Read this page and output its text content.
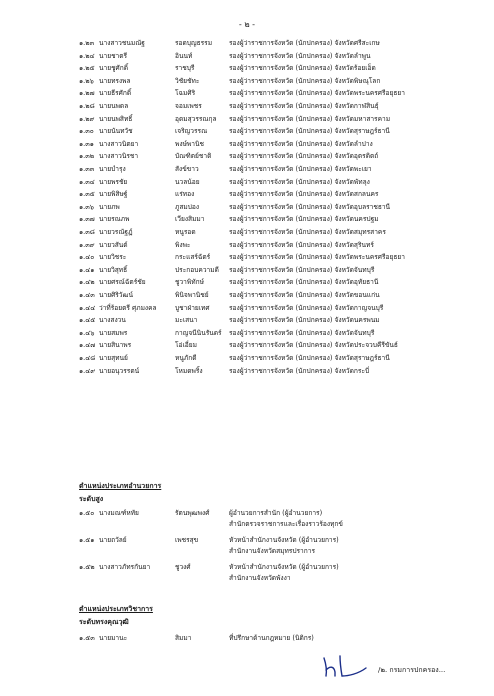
- ๒ -
๑.๒๓ นางสาวชนมณัฐ	รอดบุญธรรม	รองผู้ว่าราชการจังหวัด (นักปกครอง) จังหวัดศรีสะเกษ
๑.๒๔ นายชาตรี	อินนท์	รองผู้ว่าราชการจังหวัด (นักปกครอง) จังหวัดลำพูน
๑.๒๕ นายชูศักดิ์	ราชบุรี	รองผู้ว่าราชการจังหวัด (นักปกครอง) จังหวัดร้อยเอ็ด
๑.๒๖ นายทรงพล	วิชัยชัทะ	รองผู้ว่าราชการจังหวัด (นักปกครอง) จังหวัดพิษณุโลก
๑.๒๗ นายธีรศักดิ์	โฉมศิริ	รองผู้ว่าราชการจังหวัด (นักปกครอง) จังหวัดพระนครศรีอยุธยา
๑.๒๘ นายนพดล	จอมเพชร	รองผู้ว่าราชการจังหวัด (นักปกครอง) จังหวัดกาฬสินธุ์
๑.๒๙ นายนพสิทธิ์	อุดมสุวรรณกุล รองผู้ว่าราชการจังหวัด (นักปกครอง) จังหวัดมหาสารคาม
๑.๓๐ นายนันทวัช	เจริญวรรณ	รองผู้ว่าราชการจังหวัด (นักปกครอง) จังหวัดสุราษฎร์ธานี
๑.๓๑ นางสาวนิตยา	พงษ์พานิช	รองผู้ว่าราชการจังหวัด (นักปกครอง) จังหวัดลำปาง
๑.๓๒ นางสาวนิรชา	บัณฑิตย์ชาติ	รองผู้ว่าราชการจังหวัด (นักปกครอง) จังหวัดอุตรดิตถ์
๑.๓๓ นายบำรุง	สังข์ขาว	รองผู้ว่าราชการจังหวัด (นักปกครอง) จังหวัดพะเยา
๑.๓๔ นายพรชัย	นวลน้อย	รองผู้ว่าราชการจังหวัด (นักปกครอง) จังหวัดพัทลุง
๑.๓๕ นายพิสิษฐ์	แร่ทอง	รองผู้ว่าราชการจังหวัด (นักปกครอง) จังหวัดสกลนคร
๑.๓๖ นายภพ	ภูสมบ่อง	รองผู้ว่าราชการจังหวัด (นักปกครอง) จังหวัดอุบลราชธานี
๑.๓๗ นายรณภพ	เวียงสิมมา	รองผู้ว่าราชการจังหวัด (นักปกครอง) จังหวัดนครปฐม
๑.๓๘ นายวรณัฐฏ์	หนูรอด	รองผู้ว่าราชการจังหวัด (นักปกครอง) จังหวัดสมุทรสาคร
๑.๓๙ นายวสันต์	พิงพะ	รองผู้ว่าราชการจังหวัด (นักปกครอง) จังหวัดสุรินทร์
๑.๔๐ นายวิชระ	กระแสร์ฉัตร์	รองผู้ว่าราชการจังหวัด (นักปกครอง) จังหวัดพระนครศรีอยุธยา
๑.๔๑ นายวิสุทธิ์	ประกอบความดี รองผู้ว่าราชการจังหวัด (นักปกครอง) จังหวัดจันทบุรี
๑.๔๒ นายศรณ์ฉัตร์ชัย	ชูวาพิทักษ์	รองผู้ว่าราชการจังหวัด (นักปกครอง) จังหวัดอุทัยธานี
๑.๔๓ นายศิริวัฒน์	พินิจพานิชย์	รองผู้ว่าราชการจังหวัด (นักปกครอง) จังหวัดขอนแก่น
๑.๔๔ ว่าที่ร้อยตรี ศุภมงคล	บูชาฝ่ายเทศ	รองผู้ว่าราชการจังหวัด (นักปกครอง) จังหวัดกาญจนบุรี
๑.๔๕ นางสงวน	มะเสนา	รองผู้ว่าราชการจังหวัด (นักปกครอง) จังหวัดนครพนม
๑.๔๖ นายสมพร	กาญจนีนินรันดร์ รองผู้ว่าราชการจังหวัด (นักปกครอง) จังหวัดจันทบุรี
๑.๔๗ นายสินาพร	โอ่เอี่ยม	รองผู้ว่าราชการจังหวัด (นักปกครอง) จังหวัดประจวบคีรีขันธ์
๑.๔๘ นายสุทนย์	หนูภักดี	รองผู้ว่าราชการจังหวัด (นักปกครอง) จังหวัดสุราษฎร์ธานี
๑.๔๙ นายอนุวรรตน์	โหมดพริ้ง	รองผู้ว่าราชการจังหวัด (นักปกครอง) จังหวัดกระบี่
ตำแหน่งประเภทอำนวยการ
ระดับสูง
๑.๕๐ นางมณฑ์หทัย	รัตนพุฒพงศ์	ผู้อำนวยการสำนัก (ผู้อำนวยการ)
สำนักตรวจราชการและเรื่องราวร้องทุกข์
๑.๕๑ นายถวัลย์	เพชรสุข	หัวหน้าสำนักงานจังหวัด (ผู้อำนวยการ)
สำนักงานจังหวัดสมุทรปราการ
๑.๕๒ นางสาวภัทรกันยา	ชูวงศ์	หัวหน้าสำนักงานจังหวัด (ผู้อำนวยการ)
สำนักงานจังหวัดพังงา
ตำแหน่งประเภทวิชาการ
ระดับทรงคุณวุฒิ
๑.๕๓ นายมานะ	สิมมา	ที่ปรึกษาด้านกฎหมาย (นิติกร)
/๒. กรมการปกครอง...
